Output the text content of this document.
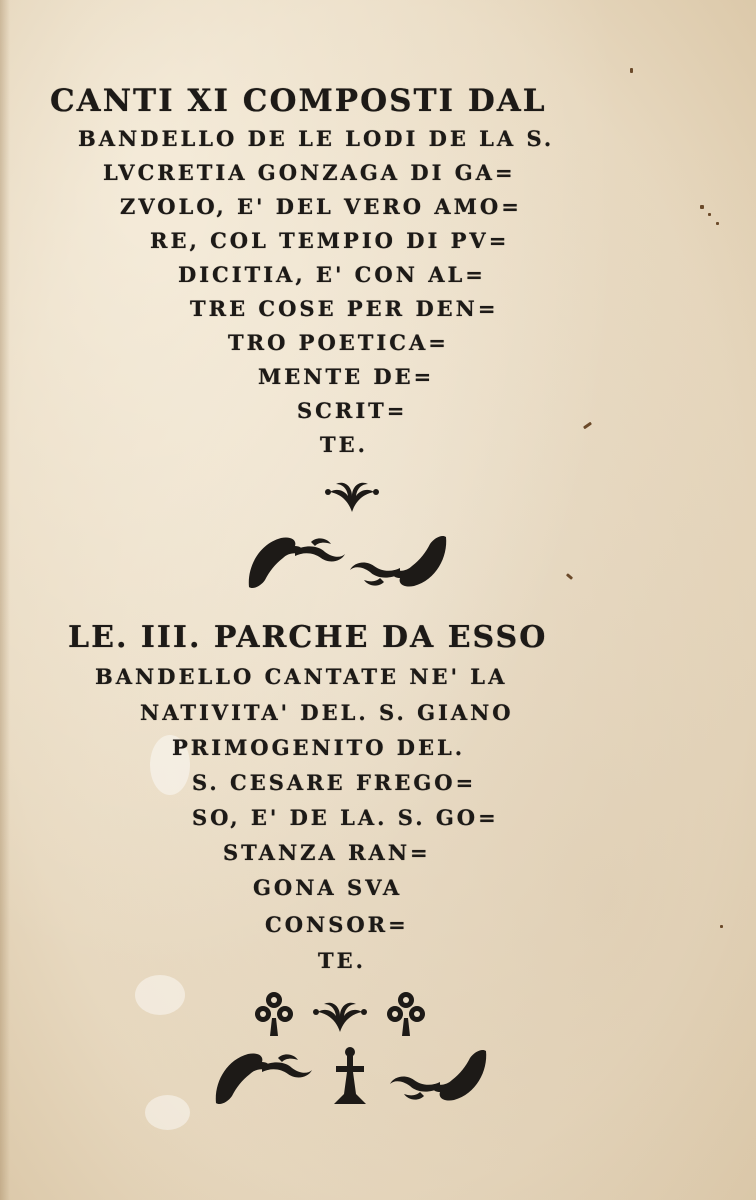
CANTI XI COMPOSTI DAL
BANDELLO DE LE LODI DE LA S.
LVCRETIA GONZAGA DI GA=
ZVOLO, E' DEL VERO AMO=
RE, COL TEMPIO DI PV=
DICITIA, E' CON AL=
TRE COSE PER DEN=
TRO POETICA=
MENTE DE=
SCRIT=
TE.
LE. III. PARCHE DA ESSO
BANDELLO CANTATE NE' LA
NATIVITA' DEL. S. GIANO
PRIMOGENITO DEL.
S. CESARE FREGO=
SO, E' DE LA. S. GO=
STANZA RAN=
GONA SVA
CONSOR=
TE.
